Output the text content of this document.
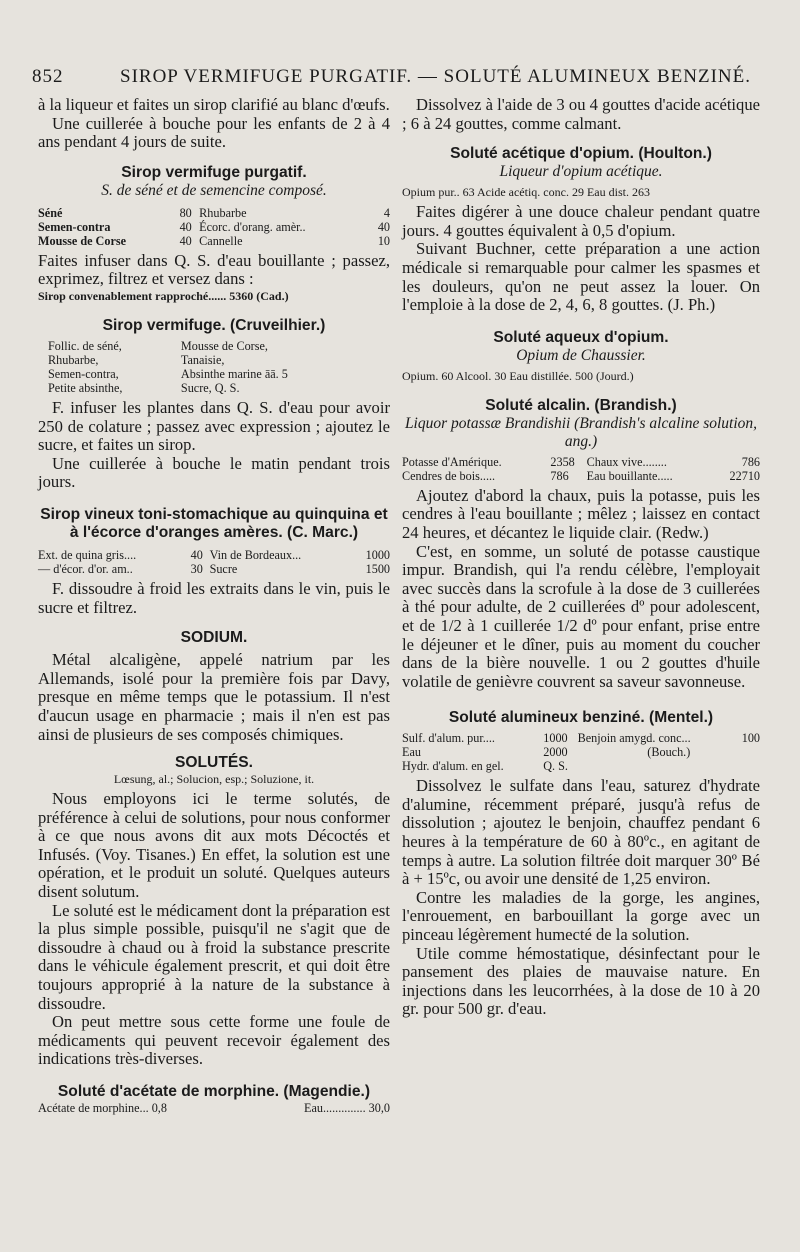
852	SIROP VERMIFUGE PURGATIF. — SOLUTÉ ALUMINEUX BENZINÉ.

à la liqueur et faites un sirop clarifié au blanc d'œufs.

Une cuillerée à bouche pour les enfants de 2 à 4 ans pendant 4 jours de suite.

Sirop vermifuge purgatif.
S. de séné et de semencine composé.
Séné	80	Rhubarbe	4
Semen-contra	40	Écorc. d'orang. amèr..	40
Mousse de Corse	40	Cannelle	10

Faites infuser dans Q. S. d'eau bouillante ; passez, exprimez, filtrez et versez dans :

Sirop convenablement rapproché...... 5360 (Cad.)
Sirop vermifuge. (Cruveilhier.)
Follic. de séné,	Mousse de Corse,
Rhubarbe,	Tanaisie,
Semen-contra,	Absinthe marine āā. 5
Petite absinthe,	Sucre, Q. S.

F. infuser les plantes dans Q. S. d'eau pour avoir 250 de colature ; passez avec expression ; ajoutez le sucre, et faites un sirop.

Une cuillerée à bouche le matin pendant trois jours.

Sirop vineux toni-stomachique au quinquina et à l'écorce d'oranges amères. (C. Marc.)
Ext. de quina gris....	40	Vin de Bordeaux...	1000
— d'écor. d'or. am..	30	Sucre	1500

F. dissoudre à froid les extraits dans le vin, puis le sucre et filtrez.

SODIUM.

Métal alcaligène, appelé natrium par les Allemands, isolé pour la première fois par Davy, presque en même temps que le potassium. Il n'est d'aucun usage en pharmacie ; mais il n'en est pas ainsi de plusieurs de ses composés chimiques.

SOLUTÉS.
Lœsung, al.; Solucion, esp.; Soluzione, it.

Nous employons ici le terme solutés, de préférence à celui de solutions, pour nous conformer à ce que nous avons dit aux mots Décoctés et Infusés. (Voy. Tisanes.) En effet, la solution est une opération, et le produit un soluté. Quelques auteurs disent solutum.

Le soluté est le médicament dont la préparation est la plus simple possible, puisqu'il ne s'agit que de dissoudre à chaud ou à froid la substance prescrite dans le véhicule également prescrit, et qui doit être toujours approprié à la nature de la substance à dissoudre.

On peut mettre sous cette forme une foule de médicaments qui peuvent recevoir également des indications très-diverses.

Soluté d'acétate de morphine. (Magendie.)
Acétate de morphine... 0,8	Eau.............. 30,0

Dissolvez à l'aide de 3 ou 4 gouttes d'acide acétique ; 6 à 24 gouttes, comme calmant.

Soluté acétique d'opium. (Houlton.)
Liqueur d'opium acétique.
Opium pur.. 63 Acide acétiq. conc. 29 Eau dist. 263

Faites digérer à une douce chaleur pendant quatre jours. 4 gouttes équivalent à 0,5 d'opium.

Suivant Buchner, cette préparation a une action médicale si remarquable pour calmer les spasmes et les douleurs, qu'on ne peut assez la louer. On l'emploie à la dose de 2, 4, 6, 8 gouttes. (J. Ph.)

Soluté aqueux d'opium.
Opium de Chaussier.
Opium. 60 Alcool. 30 Eau distillée. 500 (Jourd.)
Soluté alcalin. (Brandish.)
Liquor potassæ Brandishii (Brandish's alcaline solution, ang.)
Potasse d'Amérique.	2358	Chaux vive........	786
Cendres de bois.....	786	Eau bouillante.....	22710

Ajoutez d'abord la chaux, puis la potasse, puis les cendres à l'eau bouillante ; mêlez ; laissez en contact 24 heures, et décantez le liquide clair. (Redw.)

C'est, en somme, un soluté de potasse caustique impur. Brandish, qui l'a rendu célèbre, l'employait avec succès dans la scrofule à la dose de 3 cuillerées à thé pour adulte, de 2 cuillerées dº pour adolescent, et de 1/2 à 1 cuillerée 1/2 dº pour enfant, prise entre le déjeuner et le dîner, puis au moment du coucher dans de la bière nouvelle. 1 ou 2 gouttes d'huile volatile de genièvre couvrent sa saveur savonneuse.

Soluté alumineux benziné. (Mentel.)
Sulf. d'alum. pur....	1000	Benjoin amygd. conc...	100
Eau	2000	(Bouch.)	
Hydr. d'alum. en gel.	Q. S.		

Dissolvez le sulfate dans l'eau, saturez d'hydrate d'alumine, récemment préparé, jusqu'à refus de dissolution ; ajoutez le benjoin, chauffez pendant 6 heures à la température de 60 à 80ºc., en agitant de temps à autre. La solution filtrée doit marquer 30º Bé à + 15ºc, ou avoir une densité de 1,25 environ.

Contre les maladies de la gorge, les angines, l'enrouement, en barbouillant la gorge avec un pinceau légèrement humecté de la solution.

Utile comme hémostatique, désinfectant pour le pansement des plaies de mauvaise nature. En injections dans les leucorrhées, à la dose de 10 à 20 gr. pour 500 gr. d'eau.
